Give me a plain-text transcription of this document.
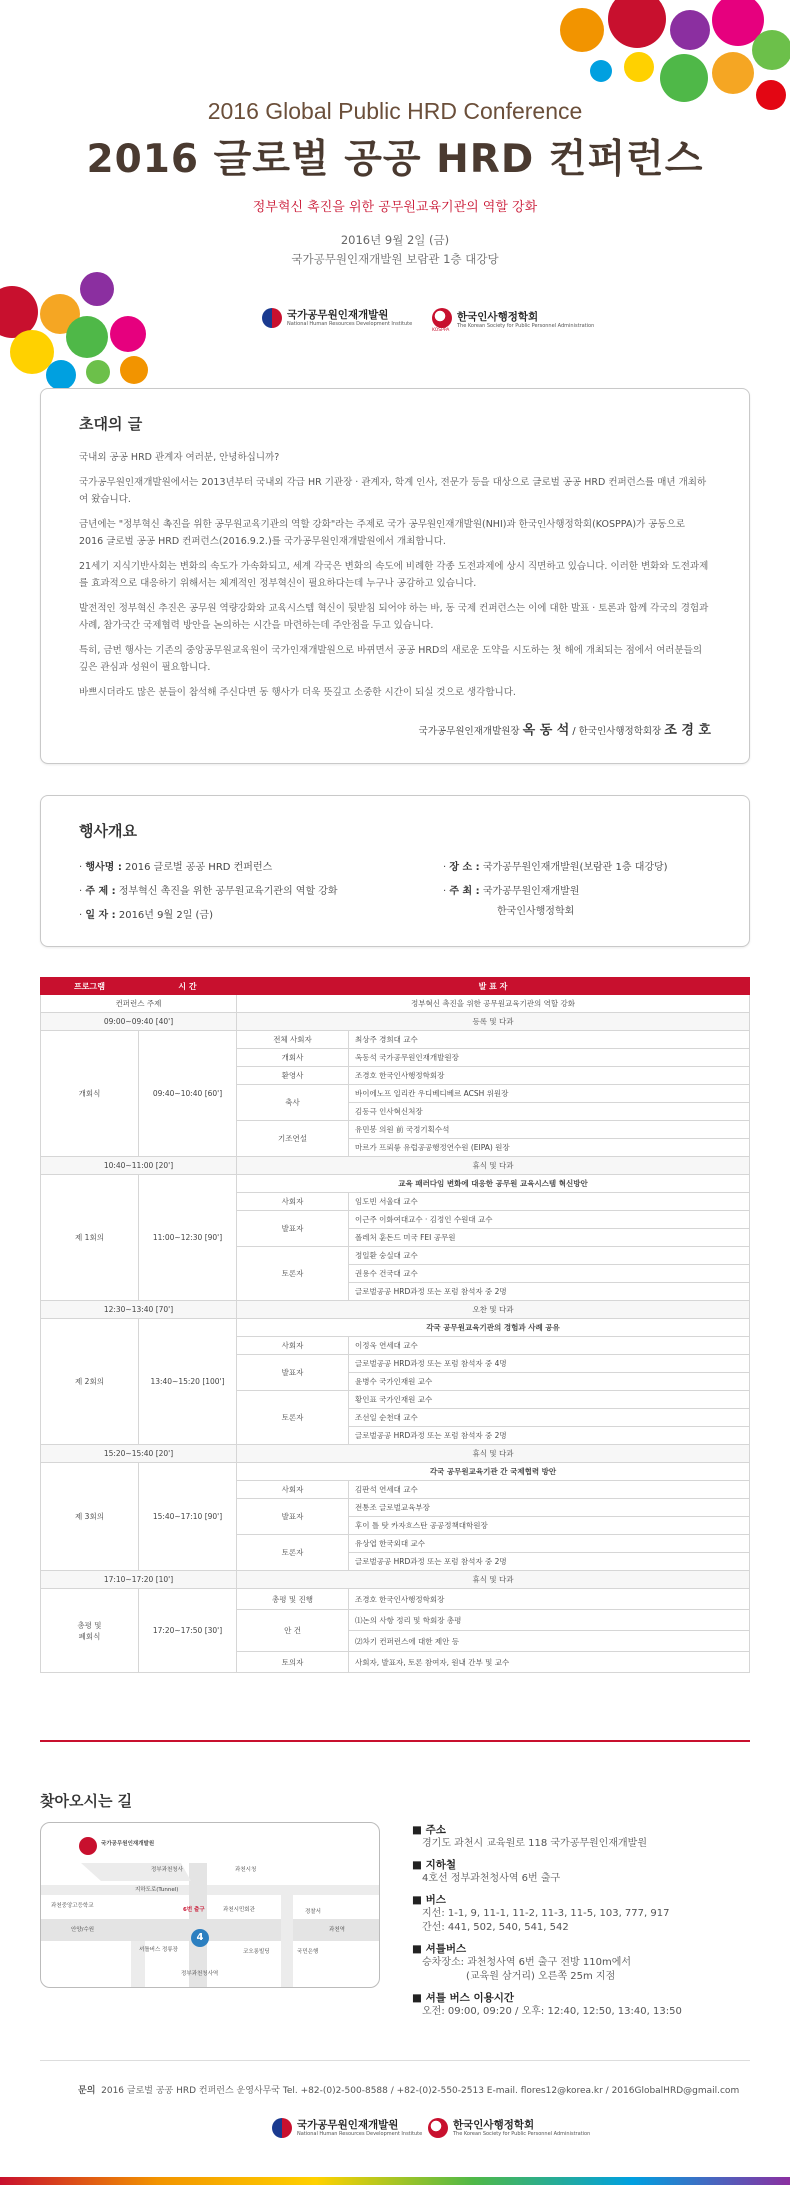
2016 Global Public HRD Conference
2016 글로벌 공공 HRD 컨퍼런스
정부혁신 촉진을 위한 공무원교육기관의 역할 강화
2016년 9월 2일 (금)
국가공무원인재개발원 보람관 1층 대강당
국가공무원인재개발원
National Human Resources Development Institute
KOSPPA
한국인사행정학회
The Korean Society for Public Personnel Administration
초대의 글

국내외 공공 HRD 관계자 여러분, 안녕하십니까?

국가공무원인재개발원에서는 2013년부터 국내외 각급 HR 기관장 · 관계자, 학계 인사, 전문가 등을 대상으로 글로벌 공공 HRD 컨퍼런스를 매년 개최하여 왔습니다.

금년에는 "정부혁신 촉진을 위한 공무원교육기관의 역할 강화"라는 주제로 국가 공무원인재개발원(NHI)과 한국인사행정학회(KOSPPA)가 공동으로 2016 글로벌 공공 HRD 컨퍼런스(2016.9.2.)를 국가공무원인재개발원에서 개최합니다.

21세기 지식기반사회는 변화의 속도가 가속화되고, 세계 각국은 변화의 속도에 비례한 각종 도전과제에 상시 직면하고 있습니다. 이러한 변화와 도전과제를 효과적으로 대응하기 위해서는 체계적인 정부혁신이 필요하다는데 누구나 공감하고 있습니다.

발전적인 정부혁신 추진은 공무원 역량강화와 교육시스템 혁신이 뒷받침 되어야 하는 바, 동 국제 컨퍼런스는 이에 대한 발표 · 토론과 함께 각국의 경험과 사례, 참가국간 국제협력 방안을 논의하는 시간을 마련하는데 주안점을 두고 있습니다.

특히, 금번 행사는 기존의 중앙공무원교육원이 국가인재개발원으로 바뀌면서 공공 HRD의 새로운 도약을 시도하는 첫 해에 개최되는 점에서 여러분들의 깊은 관심과 성원이 필요합니다.

바쁘시더라도 많은 분들이 참석해 주신다면 동 행사가 더욱 뜻깊고 소중한 시간이 되실 것으로 생각합니다.

국가공무원인재개발원장 옥 동 석 / 한국인사행정학회장 조 경 호
행사개요
· 행사명 : 2016 글로벌 공공 HRD 컨퍼런스
· 주 제 : 정부혁신 촉진을 위한 공무원교육기관의 역할 강화
· 일 자 : 2016년 9월 2일 (금)
· 장 소 : 국가공무원인재개발원(보람관 1층 대강당)
· 주 최 : 국가공무원인재개발원
한국인사행정학회
프로그램	시 간	발 표 자	
컨퍼런스 주제		정부혁신 촉진을 위한 공무원교육기관의 역할 강화	
09:00~09:40 [40']		등록 및 다과	
개회식	09:40~10:40 [60']	전체 사회자	최상주 경희대 교수
		개회사	옥동석 국가공무원인재개발원장
		환영사	조경호 한국인사행정학회장
		축사	바이에노프 일리칸 우디베디베르 ACSH 위원장
			김동극 인사혁신처장
		기조연설	유민봉 의원 前 국정기획수석
			마르가 프뢰릏 유럽공공행정연수원 (EIPA) 원장
10:40~11:00 [20']		휴식 및 다과	
제 1회의	11:00~12:30 [90']	교육 패러다임 변화에 대응한 공무원 교육시스템 혁신방안	
		사회자	임도빈 서울대 교수
		발표자	이근주 이화여대교수 · 김정인 수원대 교수
			폴레처 훈돈드 미국 FEI 공무원
		토론자	정일환 숭실대 교수
			권용수 건국대 교수
			글로벌공공 HRD과정 또는 포럼 참석자 중 2명
12:30~13:40 [70']		오찬 및 다과	
제 2회의	13:40~15:20 [100']	각국 공무원교육기관의 경험과 사례 공유	
		사회자	이정욱 연세대 교수
		발표자	글로벌공공 HRD과정 또는 포럼 참석자 중 4명
			윤병수 국가인재원 교수
		토론자	황인표 국가인재원 교수
			조선일 순천대 교수
			글로벌공공 HRD과정 또는 포럼 참석자 중 2명
15:20~15:40 [20']		휴식 및 다과	
제 3회의	15:40~17:10 [90']	각국 공무원교육기관 간 국제협력 방안	
		사회자	김판석 연세대 교수
		발표자	전통조 글로벌교육부장
			후이 틀 탓 카자흐스탄 공공정책대학원장
		토론자	유상엽 한국외대 교수
			글로벌공공 HRD과정 또는 포럼 참석자 중 2명
17:10~17:20 [10']		휴식 및 다과	
총평 및
폐회식	17:20~17:50 [30']	총평 및 진행	조경호 한국인사행정학회장
		안 건	⑴논의 사항 정리 및 학회장 총평
			⑵차기 컨퍼런스에 대한 제안 등
		토의자	사회자, 발표자, 토론 참여자, 원내 간부 및 교수
찾아오시는 길
국가공무원인재개발원
정부과천청사	과천시청
지하도로(Tunnel)
과천중앙고등학교
6번 출구	과천시민회관	경찰서
안양/수원
셔틀버스 정류장
4
정부과천청사역
코오롱빌딩	국민은행
과천역
■ 주소
경기도 과천시 교육원로 118 국가공무원인재개발원
■ 지하철
4호선 정부과천청사역 6번 출구
■ 버스
지선: 1-1, 9, 11-1, 11-2, 11-3, 11-5, 103, 777, 917
간선: 441, 502, 540, 541, 542
■ 셔틀버스
승차장소: 과천청사역 6번 출구 전방 110m에서
(교육원 삼거리) 오른쪽 25m 지점
■ 셔틀 버스 이용시간
오전: 09:00, 09:20 / 오후: 12:40, 12:50, 13:40, 13:50
문의 2016 글로벌 공공 HRD 컨퍼런스 운영사무국 Tel. +82-(0)2-500-8588 / +82-(0)2-550-2513 E-mail. flores12@korea.kr / 2016GlobalHRD@gmail.com
국가공무원인재개발원
National Human Resources Development Institute
한국인사행정학회
The Korean Society for Public Personnel Administration
